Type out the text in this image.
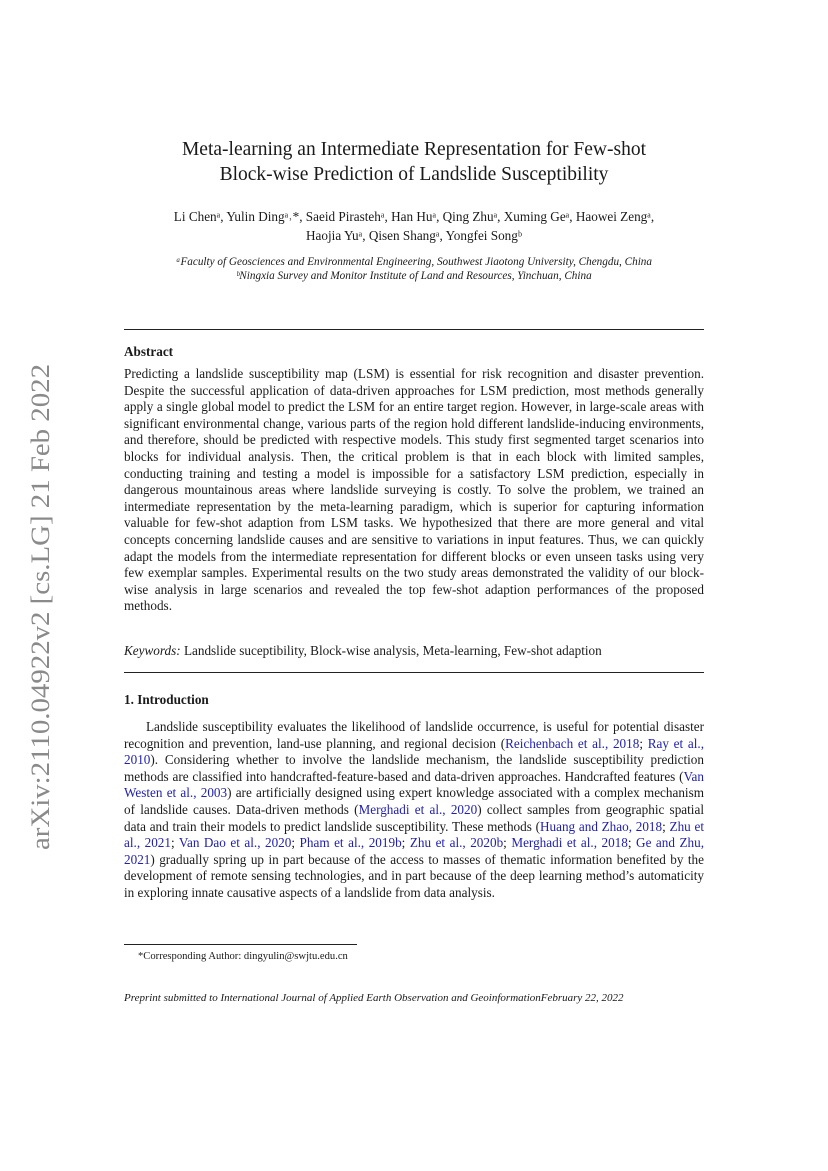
arXiv:2110.04922v2 [cs.LG] 21 Feb 2022
Meta-learning an Intermediate Representation for Few-shot
Block-wise Prediction of Landslide Susceptibility
Li Chenᵃ, Yulin Dingᵃ˒*, Saeid Pirastehᵃ, Han Huᵃ, Qing Zhuᵃ, Xuming Geᵃ, Haowei Zengᵃ,
Haojia Yuᵃ, Qisen Shangᵃ, Yongfei Songᵇ
ᵃFaculty of Geosciences and Environmental Engineering, Southwest Jiaotong University, Chengdu, China
ᵇNingxia Survey and Monitor Institute of Land and Resources, Yinchuan, China
Abstract

Predicting a landslide susceptibility map (LSM) is essential for risk recognition and disaster prevention. Despite the successful application of data-driven approaches for LSM prediction, most methods generally apply a single global model to predict the LSM for an entire target region. However, in large-scale areas with significant environmental change, various parts of the region hold different landslide-inducing environments, and therefore, should be predicted with respective models. This study first segmented target scenarios into blocks for individual analysis. Then, the critical problem is that in each block with limited samples, conducting training and testing a model is impossible for a satisfactory LSM prediction, especially in dangerous mountainous areas where landslide surveying is costly. To solve the problem, we trained an intermediate representation by the meta-learning paradigm, which is superior for capturing information valuable for few-shot adaption from LSM tasks. We hypothesized that there are more general and vital concepts concerning landslide causes and are sensitive to variations in input features. Thus, we can quickly adapt the models from the intermediate representation for different blocks or even unseen tasks using very few exemplar samples. Experimental results on the two study areas demonstrated the validity of our block-wise analysis in large scenarios and revealed the top few-shot adaption performances of the proposed methods.

Keywords: Landslide suceptibility, Block-wise analysis, Meta-learning, Few-shot adaption

1. Introduction

Landslide susceptibility evaluates the likelihood of landslide occurrence, is useful for potential disaster recognition and prevention, land-use planning, and regional decision (Reichenbach et al., 2018; Ray et al., 2010). Considering whether to involve the landslide mechanism, the landslide susceptibility prediction methods are classified into handcrafted-feature-based and data-driven approaches. Handcrafted features (Van Westen et al., 2003) are artificially designed using expert knowledge associated with a complex mechanism of landslide causes. Data-driven methods (Merghadi et al., 2020) collect samples from geographic spatial data and train their models to predict landslide susceptibility. These methods (Huang and Zhao, 2018; Zhu et al., 2021; Van Dao et al., 2020; Pham et al., 2019b; Zhu et al., 2020b; Merghadi et al., 2018; Ge and Zhu, 2021) gradually spring up in part because of the access to masses of thematic information benefited by the development of remote sensing technologies, and in part because of the deep learning method’s automaticity in exploring innate causative aspects of a landslide from data analysis.

*Corresponding Author: dingyulin@swjtu.edu.cn
Preprint submitted to International Journal of Applied Earth Observation and GeoinformationFebruary 22, 2022
